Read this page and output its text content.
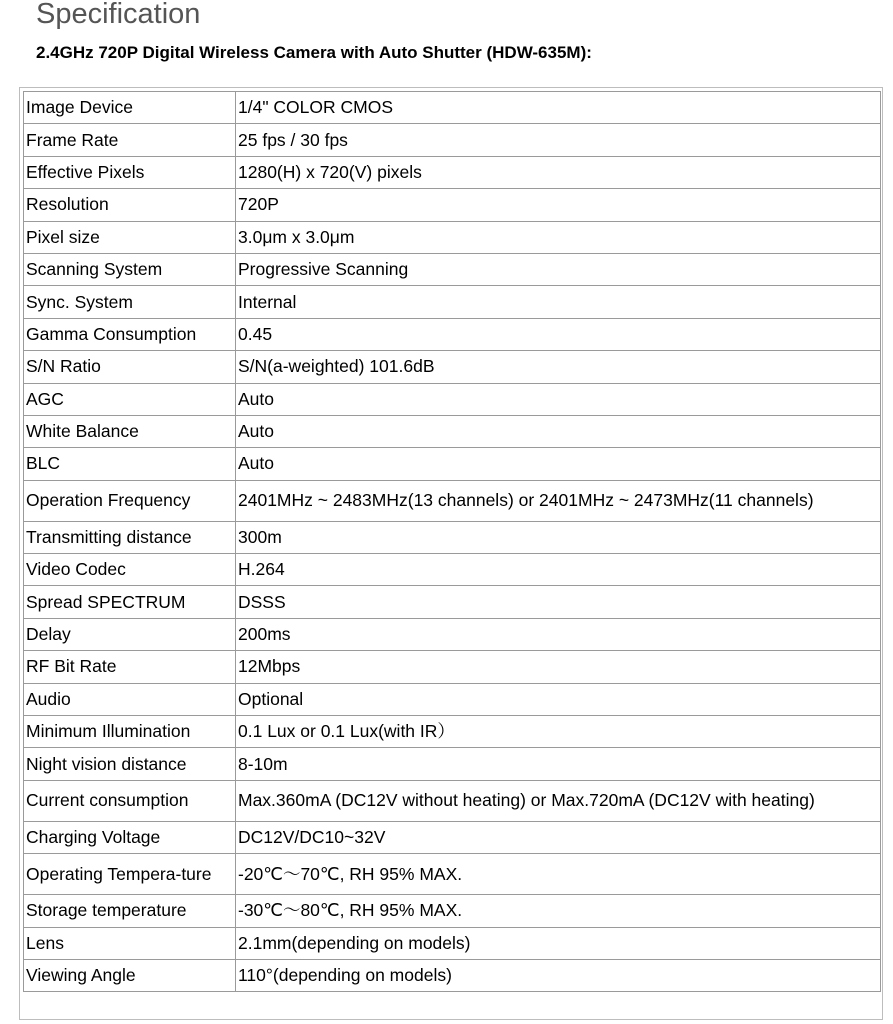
Specification
2.4GHz 720P Digital Wireless Camera with Auto Shutter (HDW-635M):
Image Device	1/4" COLOR CMOS
Frame Rate	25 fps / 30 fps
Effective Pixels	1280(H) x 720(V) pixels
Resolution	720P
Pixel size	3.0μm x 3.0μm
Scanning System	Progressive Scanning
Sync. System	Internal
Gamma Consumption	0.45
S/N Ratio	S/N(a-weighted) 101.6dB
AGC	Auto
White Balance	Auto
BLC	Auto
Operation Frequency	2401MHz ~ 2483MHz(13 channels) or 2401MHz ~ 2473MHz(11 channels)
Transmitting distance	300m
Video Codec	H.264
Spread SPECTRUM	DSSS
Delay	200ms
RF Bit Rate	12Mbps
Audio	Optional
Minimum Illumination	0.1 Lux or 0.1 Lux(with IR）
Night vision distance	8-10m
Current consumption	Max.360mA (DC12V without heating) or Max.720mA (DC12V with heating)
Charging Voltage	DC12V/DC10~32V
Operating Tempera-ture	-20℃～70℃, RH 95% MAX.
Storage temperature	-30℃～80℃, RH 95% MAX.
Lens	2.1mm(depending on models)
Viewing Angle	110°(depending on models)
